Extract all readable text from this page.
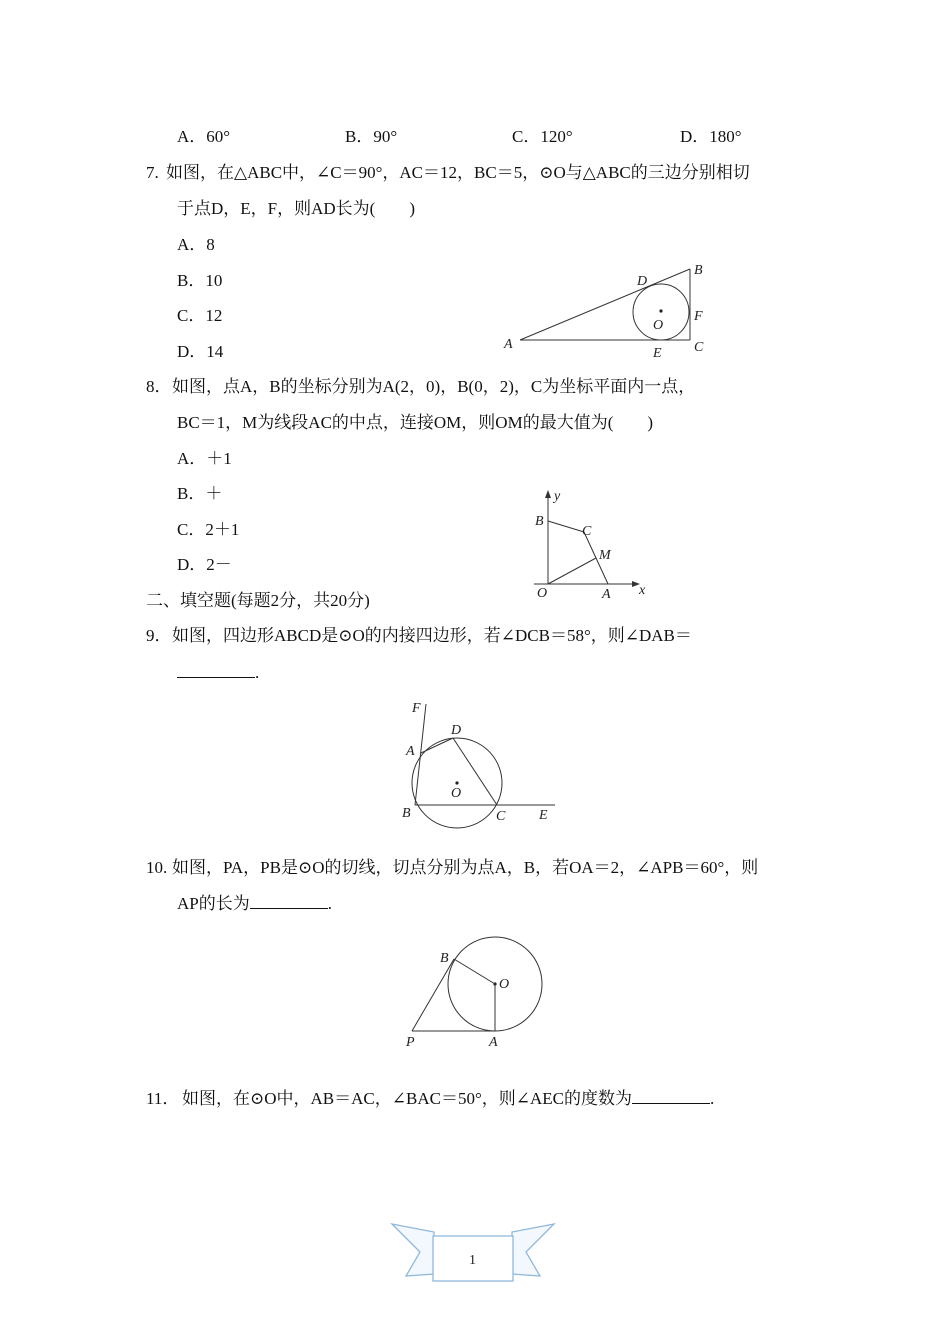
A．60°	B．90°	C．120°	D．180°
7. 如图，在△ABC中，∠C＝90°，AC＝12，BC＝5，⊙O与△ABC的三边分别相切
于点D，E，F，则AD长为(　　)
A．8
B．10
C．12
D．14	A
B
C
D
E
F
O
8． 如图，点A，B的坐标分别为A(2，0)，B(0，2)，C为坐标平面内一点，
BC＝1，M为线段AC的中点，连接OM，则OM的最大值为(　　)
A．＋1
B．＋
C．2＋1
D．2－
y
B
C
M
O	A x
二、填空题(每题2分，共20分)
9． 如图，四边形ABCD是⊙O的内接四边形，若∠DCB＝58°，则∠DAB＝
.
F
D
A
O
B	C E
10. 如图，PA，PB是⊙O的切线，切点分别为点A，B，若OA＝2，∠APB＝60°，则
AP的长为	.
B
O
P	A
11． 如图，在⊙O中，AB＝AC，∠BAC＝50°，则∠AEC的度数为	.
1
